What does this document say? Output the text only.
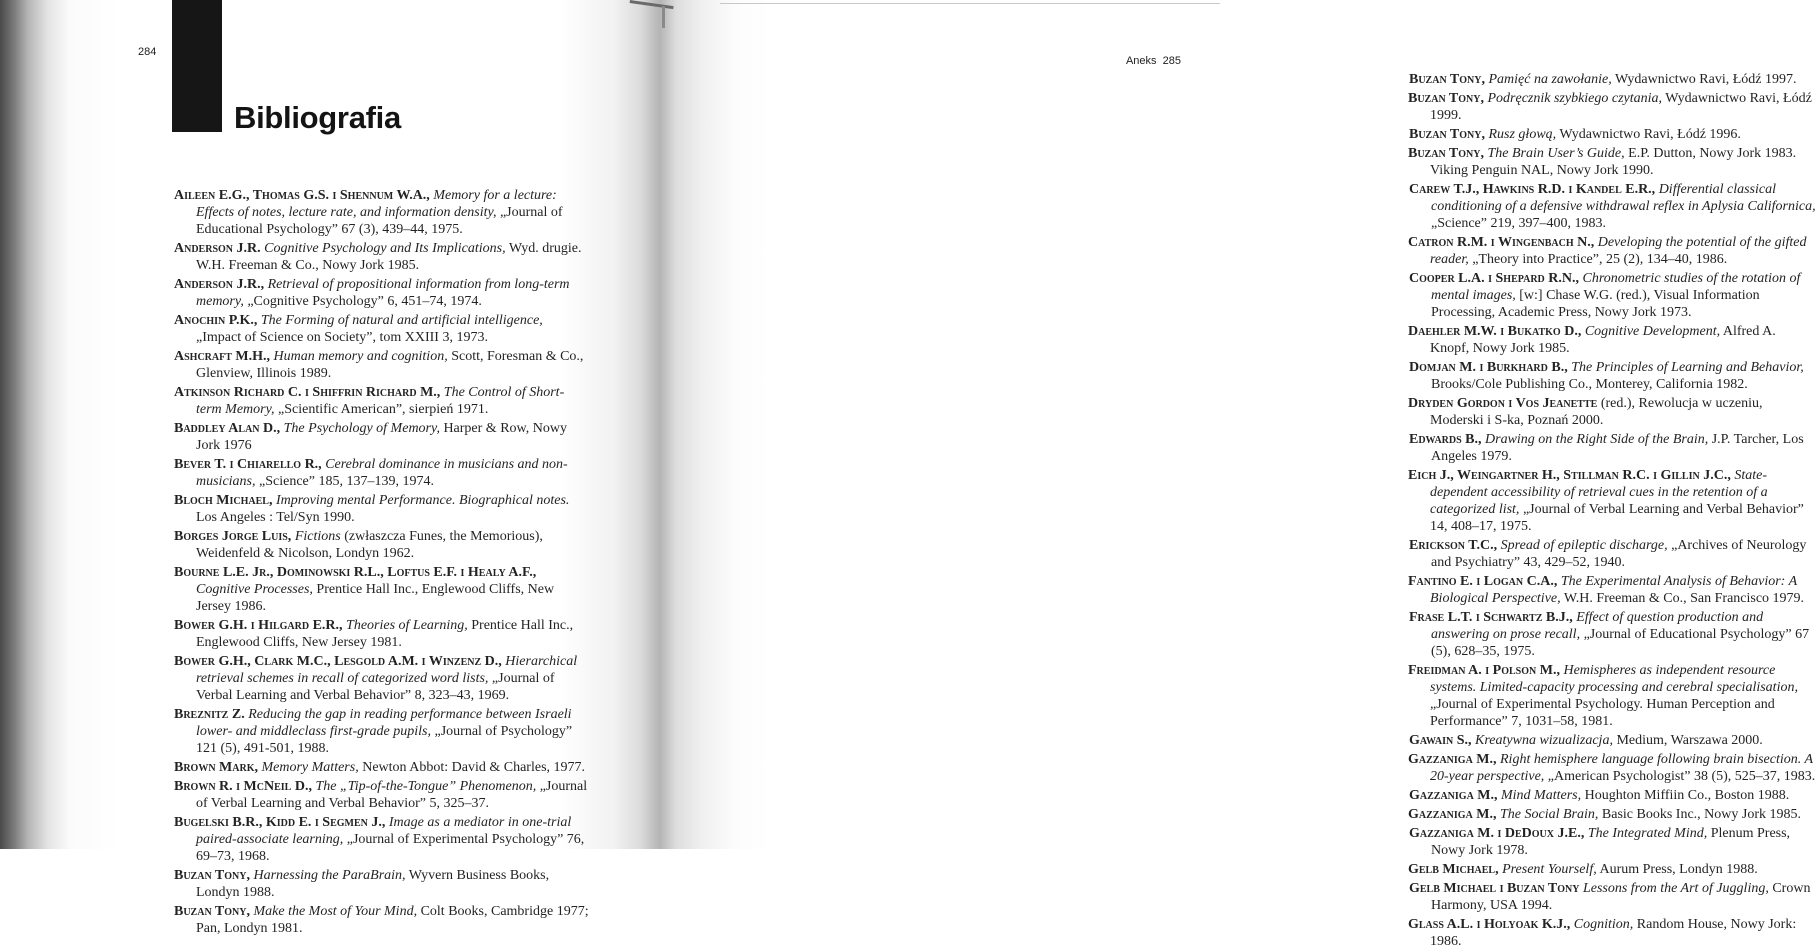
284
Bibliografia

Aileen E.G., Thomas G.S. i Shennum W.A., Memory for a lecture: Effects of notes, lecture rate, and information density, „Journal of Educational Psychology” 67 (3), 439–44, 1975.

Anderson J.R. Cognitive Psychology and Its Implications, Wyd. drugie. W.H. Freeman & Co., Nowy Jork 1985.

Anderson J.R., Retrieval of propositional information from long-term memory, „Cognitive Psychology” 6, 451–74, 1974.

Anochin P.K., The Forming of natural and artificial intelligence, „Impact of Science on Society”, tom XXIII 3, 1973.

Ashcraft M.H., Human memory and cognition, Scott, Foresman & Co., Glenview, Illinois 1989.

Atkinson Richard C. i Shiffrin Richard M., The Control of Short-term Memory, „Scientific American”, sierpień 1971.

Baddley Alan D., The Psychology of Memory, Harper & Row, Nowy Jork 1976

Bever T. i Chiarello R., Cerebral dominance in musicians and non-musicians, „Science” 185, 137–139, 1974.

Bloch Michael, Improving mental Performance. Biographical notes. Los Angeles : Tel/Syn 1990.

Borges Jorge Luis, Fictions (zwłaszcza Funes, the Memorious), Weidenfeld & Nicolson, Londyn 1962.

Bourne L.E. Jr., Dominowski R.L., Loftus E.F. i Healy A.F., Cognitive Processes, Prentice Hall Inc., Englewood Cliffs, New Jersey 1986.

Bower G.H. i Hilgard E.R., Theories of Learning, Prentice Hall Inc., Englewood Cliffs, New Jersey 1981.

Bower G.H., Clark M.C., Lesgold A.M. i Winzenz D., Hierarchical retrieval schemes in recall of categorized word lists, „Journal of Verbal Learning and Verbal Behavior” 8, 323–43, 1969.

Breznitz Z. Reducing the gap in reading performance between Israeli lower- and middleclass first-grade pupils, „Journal of Psychology” 121 (5), 491-501, 1988.

Brown Mark, Memory Matters, Newton Abbot: David & Charles, 1977.

Brown R. i McNeil D., The „Tip-of-the-Tongue” Phenomenon, „Journal of Verbal Learning and Verbal Behavior” 5, 325–37.

Bugelski B.R., Kidd E. i Segmen J., Image as a mediator in one-trial paired-associate learning, „Journal of Experimental Psychology” 76, 69–73, 1968.

Buzan Tony, Harnessing the ParaBrain, Wyvern Business Books, Londyn 1988.

Buzan Tony, Make the Most of Your Mind, Colt Books, Cambridge 1977; Pan, Londyn 1981.

Aneks 285

Buzan Tony, Pamięć na zawołanie, Wydawnictwo Ravi, Łódź 1997.

Buzan Tony, Podręcznik szybkiego czytania, Wydawnictwo Ravi, Łódź 1999.

Buzan Tony, Rusz głową, Wydawnictwo Ravi, Łódź 1996.

Buzan Tony, The Brain User’s Guide, E.P. Dutton, Nowy Jork 1983. Viking Penguin NAL, Nowy Jork 1990.

Carew T.J., Hawkins R.D. i Kandel E.R., Differential classical conditioning of a defensive withdrawal reflex in Aplysia Californica, „Science” 219, 397–400, 1983.

Catron R.M. i Wingenbach N., Developing the potential of the gifted reader, „Theory into Practice”, 25 (2), 134–40, 1986.

Cooper L.A. i Shepard R.N., Chronometric studies of the rotation of mental images, [w:] Chase W.G. (red.), Visual Information Processing, Academic Press, Nowy Jork 1973.

Daehler M.W. i Bukatko D., Cognitive Development, Alfred A. Knopf, Nowy Jork 1985.

Domjan M. i Burkhard B., The Principles of Learning and Behavior, Brooks/Cole Publishing Co., Monterey, California 1982.

Dryden Gordon i Vos Jeanette (red.), Rewolucja w uczeniu, Moderski i S-ka, Poznań 2000.

Edwards B., Drawing on the Right Side of the Brain, J.P. Tarcher, Los Angeles 1979.

Eich J., Weingartner H., Stillman R.C. i Gillin J.C., State-dependent accessibility of retrieval cues in the retention of a categorized list, „Journal of Verbal Learning and Verbal Behavior” 14, 408–17, 1975.

Erickson T.C., Spread of epileptic discharge, „Archives of Neurology and Psychiatry” 43, 429–52, 1940.

Fantino E. i Logan C.A., The Experimental Analysis of Behavior: A Biological Perspective, W.H. Freeman & Co., San Francisco 1979.

Frase L.T. i Schwartz B.J., Effect of question production and answering on prose recall, „Journal of Educational Psychology” 67 (5), 628–35, 1975.

Freidman A. i Polson M., Hemispheres as independent resource systems. Limited-capacity processing and cerebral specialisation, „Journal of Experimental Psychology. Human Perception and Performance” 7, 1031–58, 1981.

Gawain S., Kreatywna wizualizacja, Medium, Warszawa 2000.

Gazzaniga M., Right hemisphere language following brain bisection. A 20-year perspective, „American Psychologist” 38 (5), 525–37, 1983.

Gazzaniga M., Mind Matters, Houghton Miffiin Co., Boston 1988.

Gazzaniga M., The Social Brain, Basic Books Inc., Nowy Jork 1985.

Gazzaniga M. i DeDoux J.E., The Integrated Mind, Plenum Press, Nowy Jork 1978.

Gelb Michael, Present Yourself, Aurum Press, Londyn 1988.

Gelb Michael i Buzan Tony Lessons from the Art of Juggling, Crown Harmony, USA 1994.

Glass A.L. i Holyoak K.J., Cognition, Random House, Nowy Jork: 1986.
